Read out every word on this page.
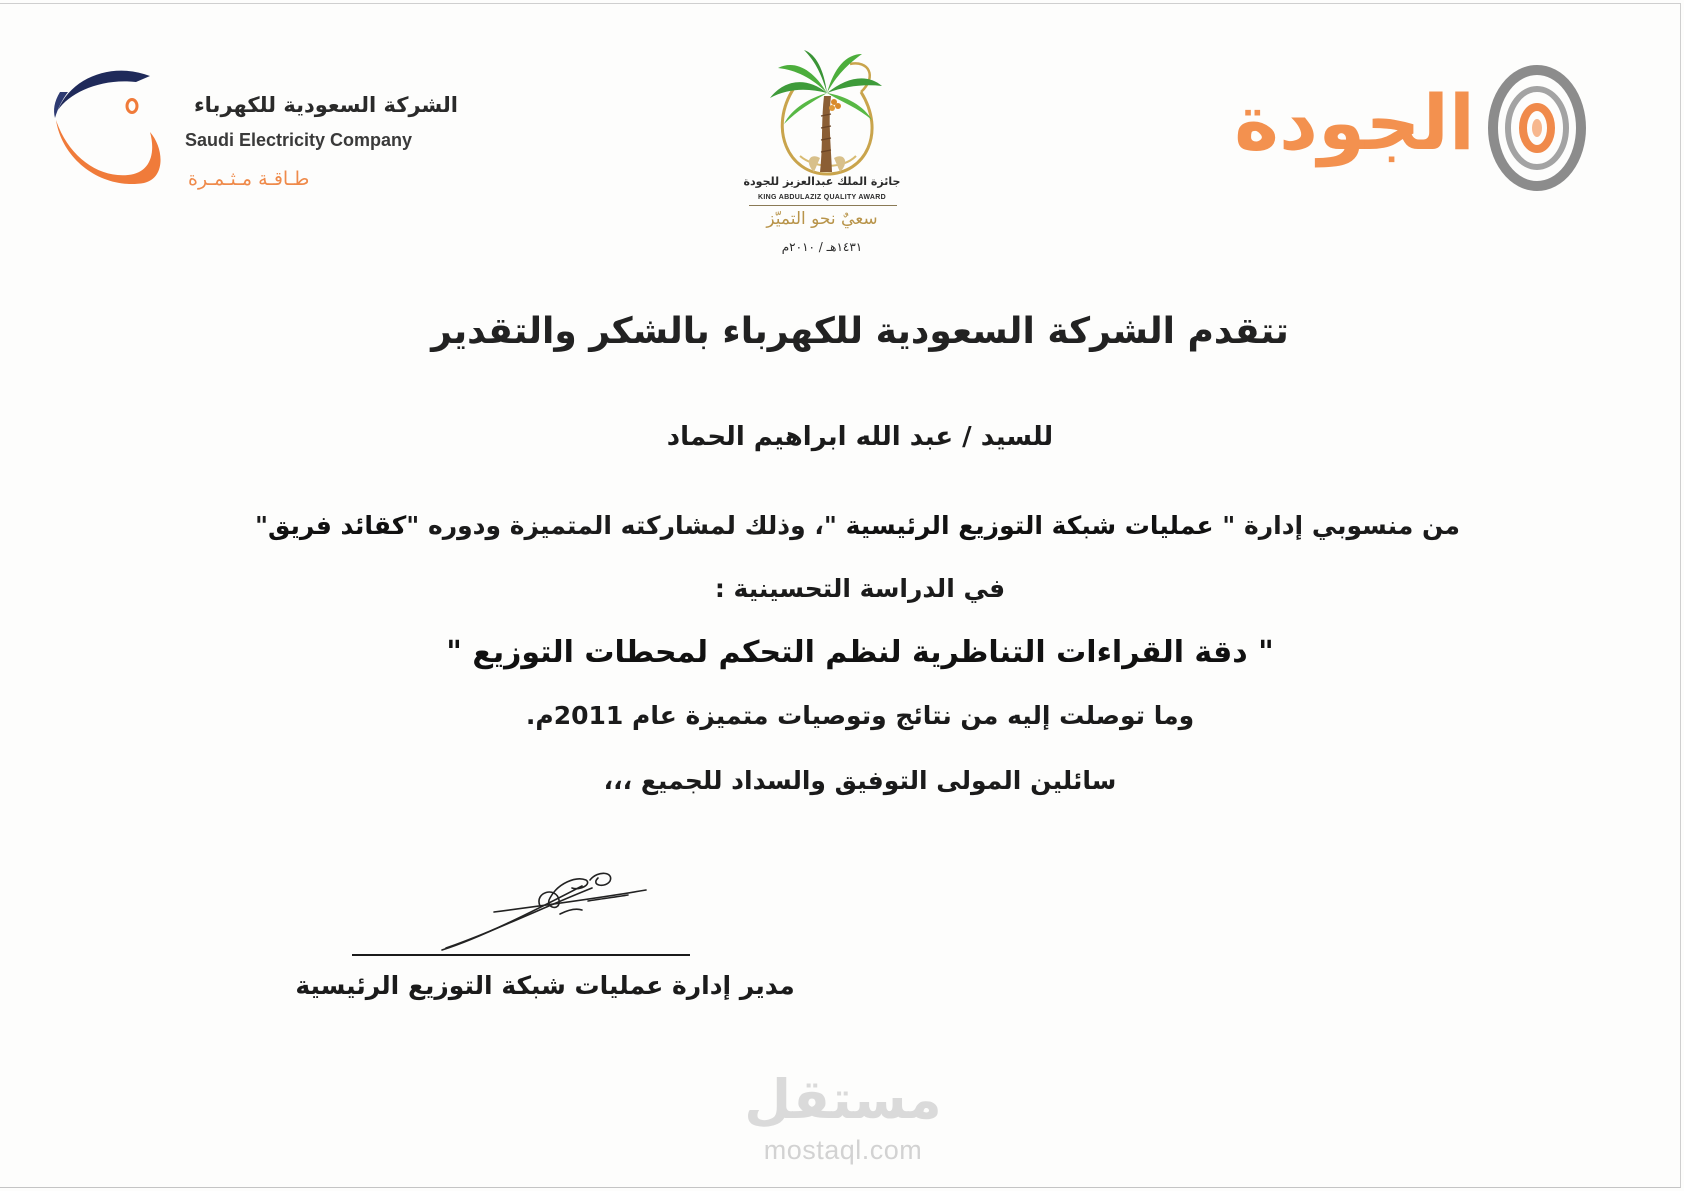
الشركة السعودية للكهرباء
Saudi Electricity Company
طـاقـة مـثـمـرة	جائزة الملك عبدالعزيز للجودة
KING ABDULAZIZ QUALITY AWARD
سعيٌ نحو التميّز
١٤٣١هـ / ٢٠١٠م
الجودة
تتقدم الشركة السعودية للكهرباء بالشكر والتقدير
للسيد / عبد الله ابراهيم الحماد
من منسوبي إدارة " عمليات شبكة التوزيع الرئيسية "، وذلك لمشاركته المتميزة ودوره "كقائد فريق"
في الدراسة التحسينية :
" دقة القراءات التناظرية لنظم التحكم لمحطات التوزيع "
وما توصلت إليه من نتائج وتوصيات متميزة عام 2011م.
سائلين المولى التوفيق والسداد للجميع ،،،
مدير إدارة عمليات شبكة التوزيع الرئيسية
مستقل
mostaql.com
